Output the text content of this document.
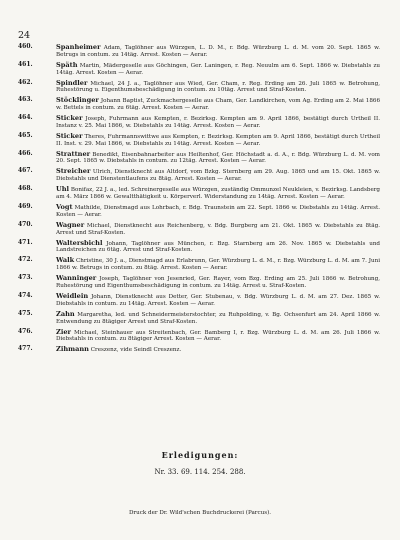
24
460.	Spanheimer Adam, Taglöhner aus Würzgen, L. D. M., r. Bdg. Würzburg L. d. M. vom 20. Sept. 1865 w. Betrugs in contum. zu 14täg. Arrest. Kosten — Aerar.
461.	Späth Martin, Mädergeselle aus Göchingen, Ger. Laningen, r. Reg. Neuulm am 6. Sept. 1866 w. Diebstahls zu 14täg. Arrest. Kosten — Aerar.
462.	Spindler Michael, 24 J. a., Taglöhner aus Wied, Ger. Cham, r. Reg. Erding am 26. Juli 1865 w. Betrohung, Ruhestörung u. Eigenthumsbeschädigung in contum. zu 10täg. Arrest und Straf-Kosten.
463.	Stöcklinger Johann Baptist, Zuckmachergeselle aus Cham, Ger. Landkirchen, vom Ag. Erding am 2. Mai 1866 w. Bettels in contum. zu 6täg. Arrest. Kosten — Aerar.
464.	Sticker Joseph, Fuhrmann aus Kempten, r. Bezirksg. Kempten am 9. April 1866, bestätigt durch Urtheil II. Instanz v. 25. Mai 1866, w. Diebstahls zu 14täg. Arrest. Kosten — Aerar.
465.	Sticker Theres, Fuhrmannswittwe aus Kempten, r. Bezirksg. Kempten am 9. April 1866, bestätigt durch Urtheil II. Inst. v. 29. Mai 1866, w. Diebstahls zu 14täg. Arrest. Kosten — Aerar.
466.	Strattner Benedikt, Eisenbahnarbeiter aus Heiltenhof, Ger. Höchstadt a. d. A., r. Bdg. Würzburg L. d. M. vom 20. Sept. 1865 w. Diebstahls in contum. zu 12täg. Arrest. Kosten — Aerar.
467.	Streicher Ulrich, Dienstknecht aus Altdorf, vom Bzkg. Sternberg am 29. Aug. 1865 und am 15. Okt. 1865 w. Diebstahls und Dienstentlaufens zu 8täg. Arrest. Kosten — Aerar.
468.	Uhl Bonifaz, 22 J. a., led. Schreinergeselle aus Würzgen, zuständig Ommunzel Neukleien, v. Bezirksg. Landsberg am 4. März 1866 w. Gewaltthätigkeit u. Körperverl. Widerstandung zu 14täg. Arrest. Kosten — Aerar.
469.	Vogt Mathilde, Dienstmagd aus Lohrbach, r. Bdg. Traunstein am 22. Sept. 1866 w. Diebstahls zu 14täg. Arrest. Kosten — Aerar.
470.	Wagner Michael, Dienstknecht aus Reichenberg, v. Bdg. Burgberg am 21. Okt. 1865 w. Diebstahls zu 8täg. Arrest und Straf-Kosten.
471.	Waltersbichl Johann, Taglöhner aus München, r. Bzg. Starnberg am 26. Nov. 1865 w. Diebstahls und Landstreichen zu 6täg. Arrest und Straf-Kosten.
472.	Walk Christine, 30 J. a., Dienstmagd aus Erlabrunn, Ger. Würzburg L. d. M., r. Bzg. Würzburg L. d. M. am 7. Juni 1866 w. Betrugs in contum. zu 8täg. Arrest. Kosten — Aerar.
473.	Wanninger Joseph, Taglöhner von Jesenried, Ger. Rayer, vom Bzg. Erding am 25. Juli 1866 w. Betrohung, Ruhestörung und Eigenthumsbeschädigung in contum. zu 14täg. Arrest u. Straf-Kosten.
474.	Weidlein Johann, Dienstknecht aus Detter, Ger. Stubenau, v. Bdg. Würzburg L. d. M. am 27. Dez. 1865 w. Diebstahls in contum. zu 14täg. Arrest. Kosten — Aerar.
475.	Zahn Margaretha, led. und Schneidermeisterstochter, zu Ruhpolding, v. Bg. Ochsenfurt am 24. April 1866 w. Entwendung zu 8tägiger Arrest und Straf-Kosten.
476.	Zier Michael, Steinhauer aus Streitenbach, Ger. Bamberg I, r. Bzg. Würzburg L. d. M. am 26. Juli 1866 w. Diebstahls in contum. zu 8tägiger Arrest. Kosten — Aerar.
477.	Zihmann Creszenz, vide Seindl Creszenz.
Erledigungen:
Nr. 33. 69. 114. 254. 288.
Druck der Dr. Wild'schen Buchdruckerei (Parcus).
